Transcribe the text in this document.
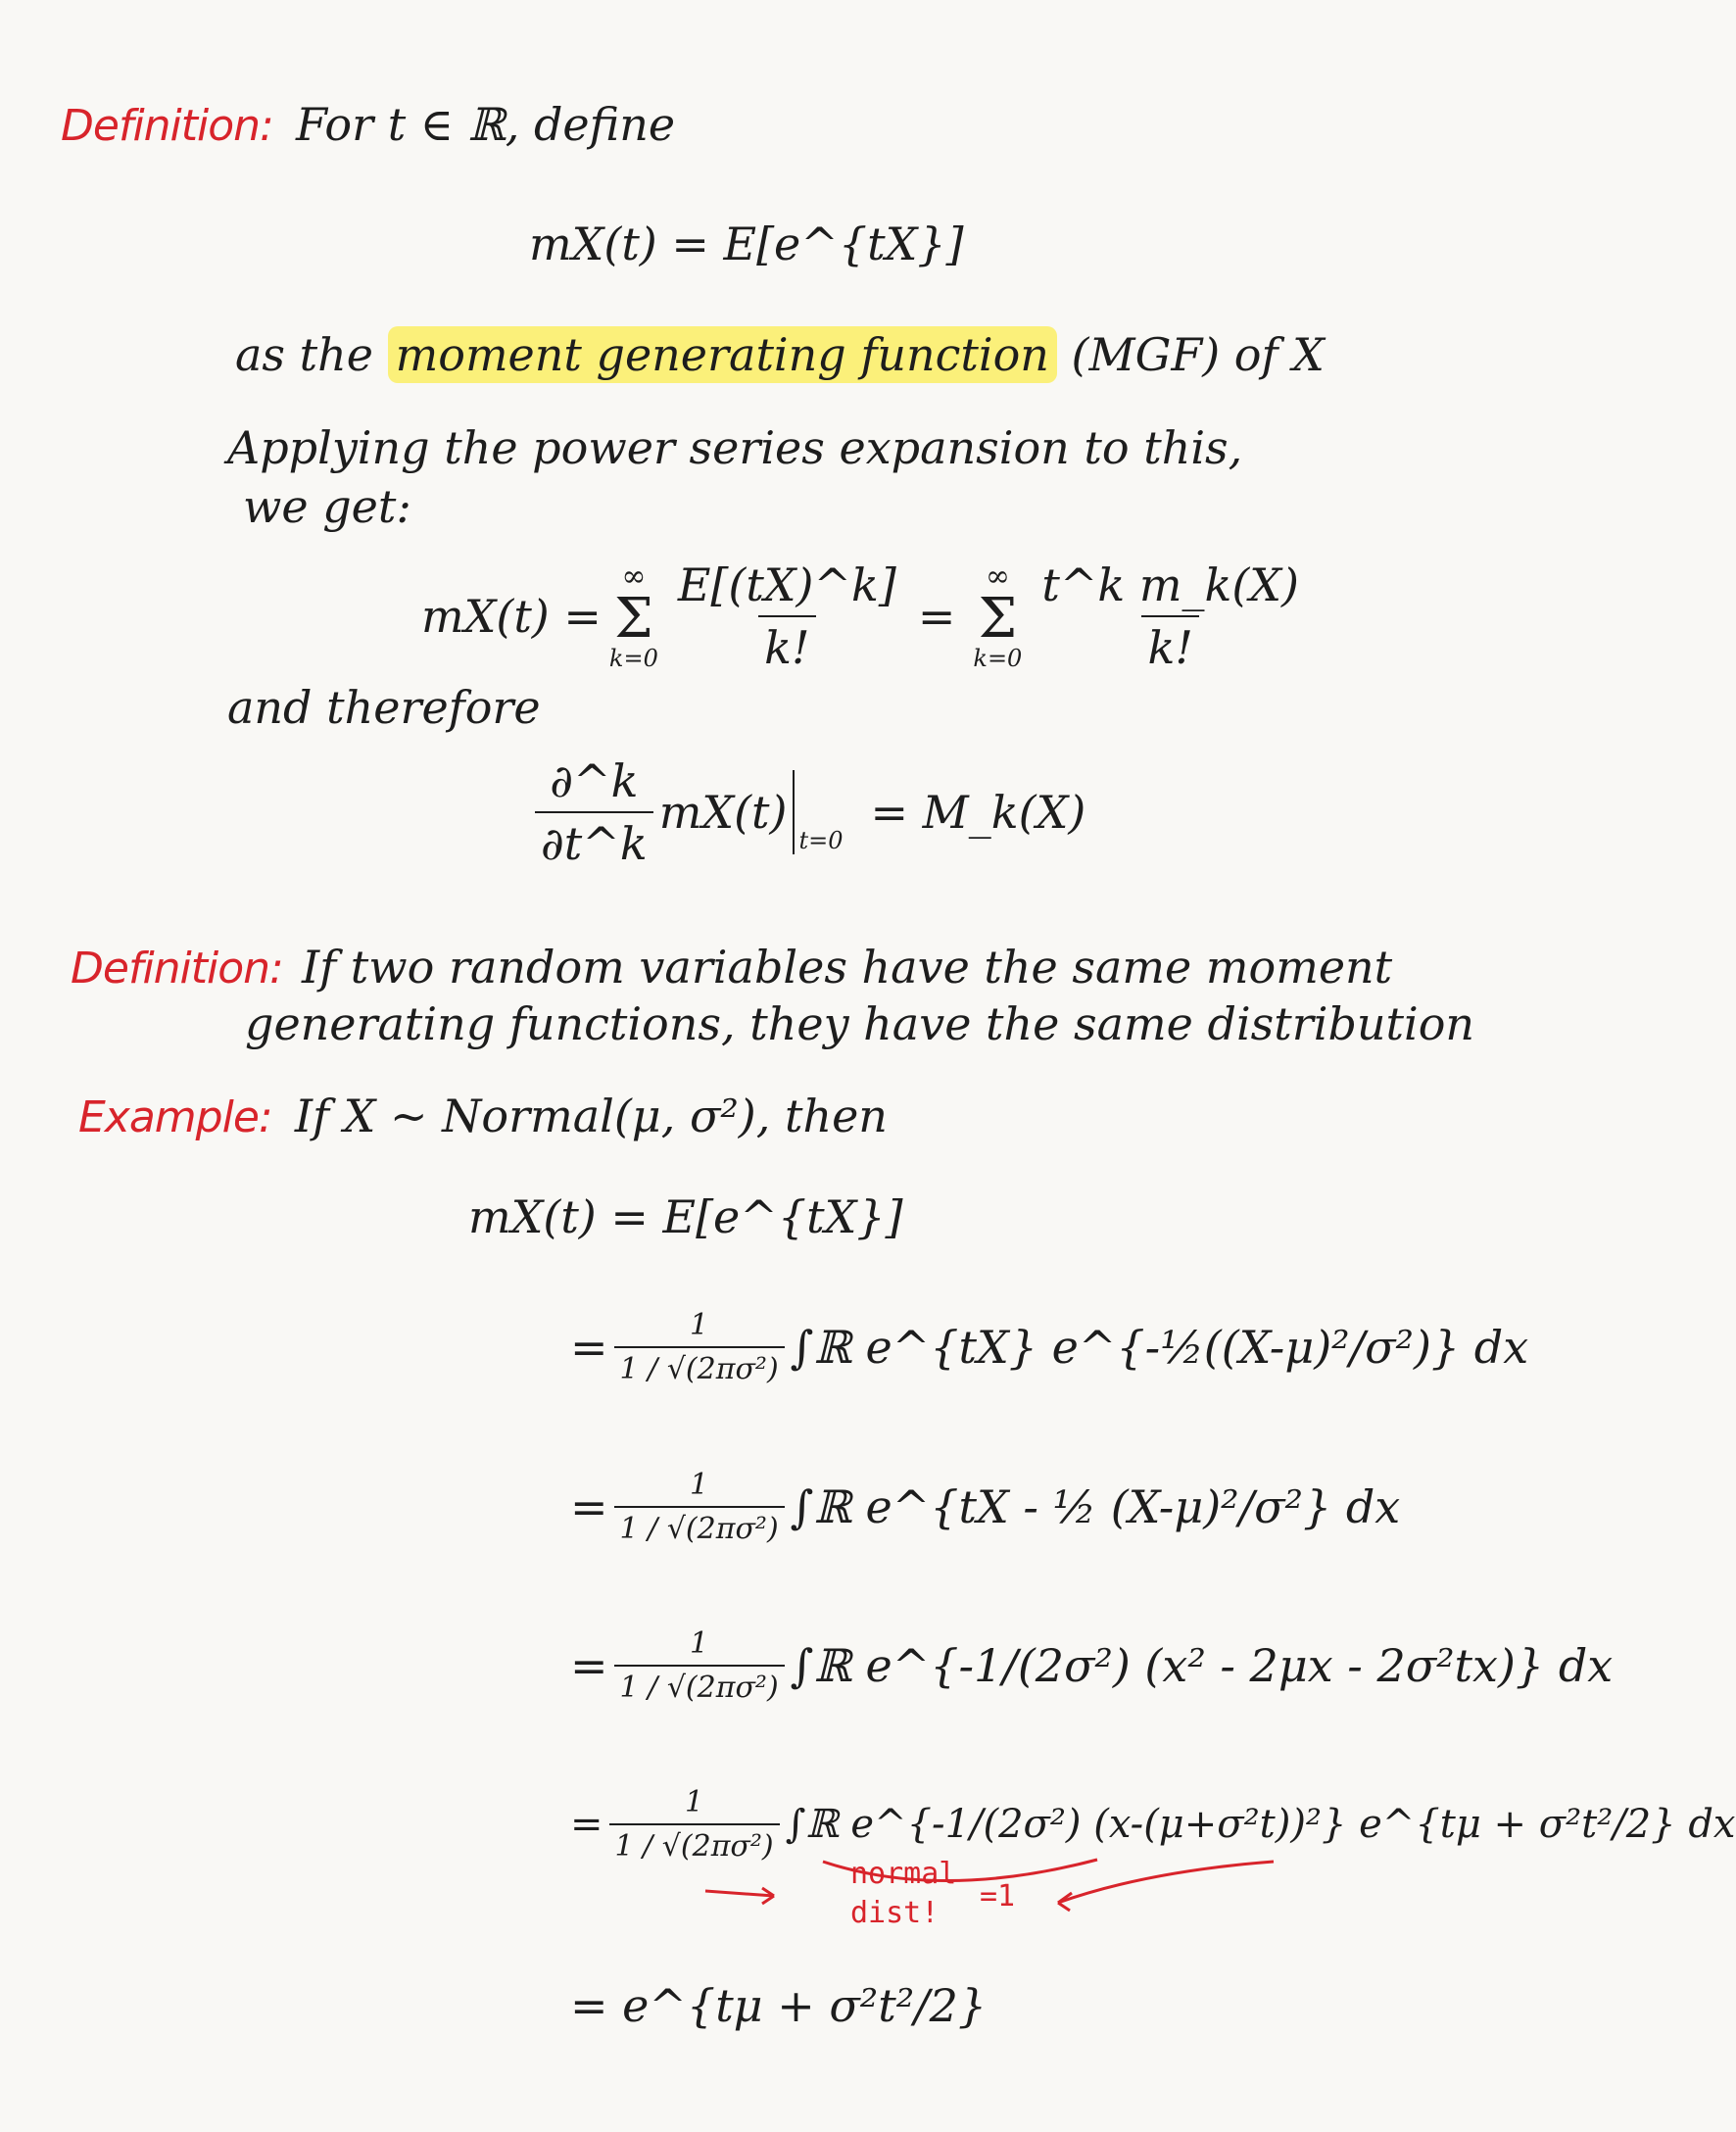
Definition: For t ∈ ℝ, define
mX(t) = E[e^{tX}]
as the moment generating function (MGF) of X
Applying the power series expansion to this,
we get:
mX(t) =
∞
Σ
$k=0 \frac{E[(tX)\^{}k]}{k!}$ =
∞
Σ
$k=0 \frac{\text{t\textasciicircum{}k m\_k(X)}}{k!}$
and therefore
$\frac{\partial\^{}k}{\partial t\^{}k} mX(t)$
t=0
= M_k(X)
Definition: If two random variables have the same moment
generating functions, they have the same distribution
Example: If X ~ Normal(μ, σ²), then
mX(t) = E[e^{tX}]
= $\frac{1}{\text{1 / √(2πσ²)}}$ ∫ℝ e^{tX} e^{-½((X-μ)²/σ²)} dx
= $\frac{1}{\text{1 / √(2πσ²)}}$ ∫ℝ e^{tX - ½ (X-μ)²/σ²} dx
= $\frac{1}{\text{1 / √(2πσ²)}}$ ∫ℝ e^{-1/(2σ²) (x² - 2μx - 2σ²tx)} dx
= $\frac{1}{\text{1 / √(2πσ²)}}$ ∫ℝ e^{-1/(2σ²) (x-(μ+σ²t))²} e^{tμ + σ²t²/2} dx
normal
dist! =1
= e^{tμ + σ²t²/2}
